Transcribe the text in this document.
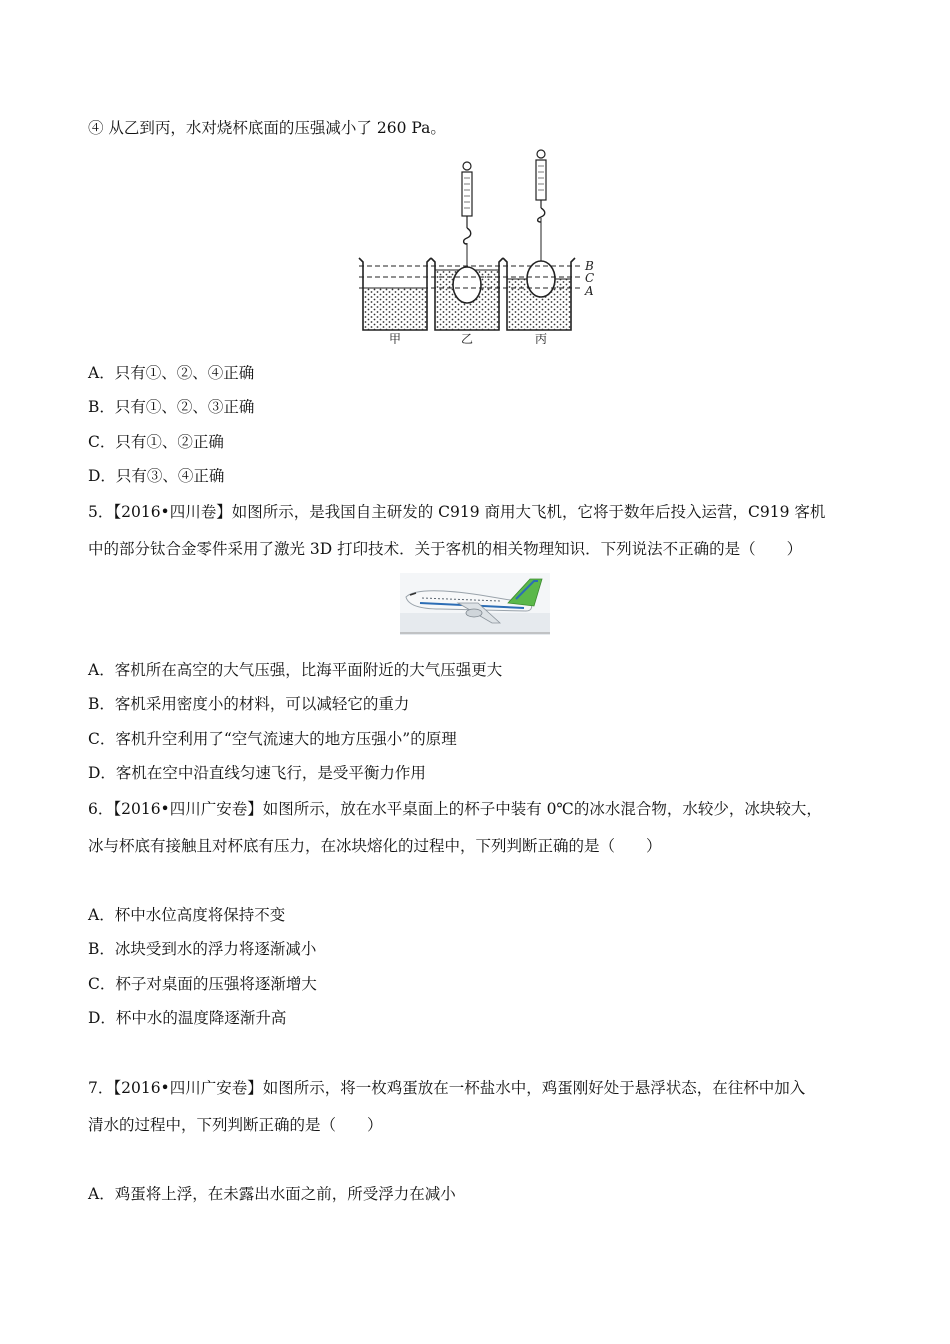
④ 从乙到丙，水对烧杯底面的压强减小了 260 Pa。
B
C
A
甲	乙	丙
A．只有①、②、④正确
B．只有①、②、③正确
C．只有①、②正确
D．只有③、④正确
5．【2016•四川卷】如图所示，是我国自主研发的 C919 商用大飞机，它将于数年后投入运营，C919 客机
中的部分钛合金零件采用了激光 3D 打印技术．关于客机的相关物理知识．下列说法不正确的是（　　）
A．客机所在高空的大气压强，比海平面附近的大气压强更大
B．客机采用密度小的材料，可以减轻它的重力
C．客机升空利用了“空气流速大的地方压强小”的原理
D．客机在空中沿直线匀速飞行，是受平衡力作用
6．【2016•四川广安卷】如图所示，放在水平桌面上的杯子中装有 0℃的冰水混合物，水较少，冰块较大，
冰与杯底有接触且对杯底有压力，在冰块熔化的过程中，下列判断正确的是（　　）
A．杯中水位高度将保持不变
B．冰块受到水的浮力将逐渐减小
C．杯子对桌面的压强将逐渐增大
D．杯中水的温度降逐渐升高
7．【2016•四川广安卷】如图所示，将一枚鸡蛋放在一杯盐水中，鸡蛋刚好处于悬浮状态，在往杯中加入
清水的过程中，下列判断正确的是（　　）
A．鸡蛋将上浮，在未露出水面之前，所受浮力在减小
